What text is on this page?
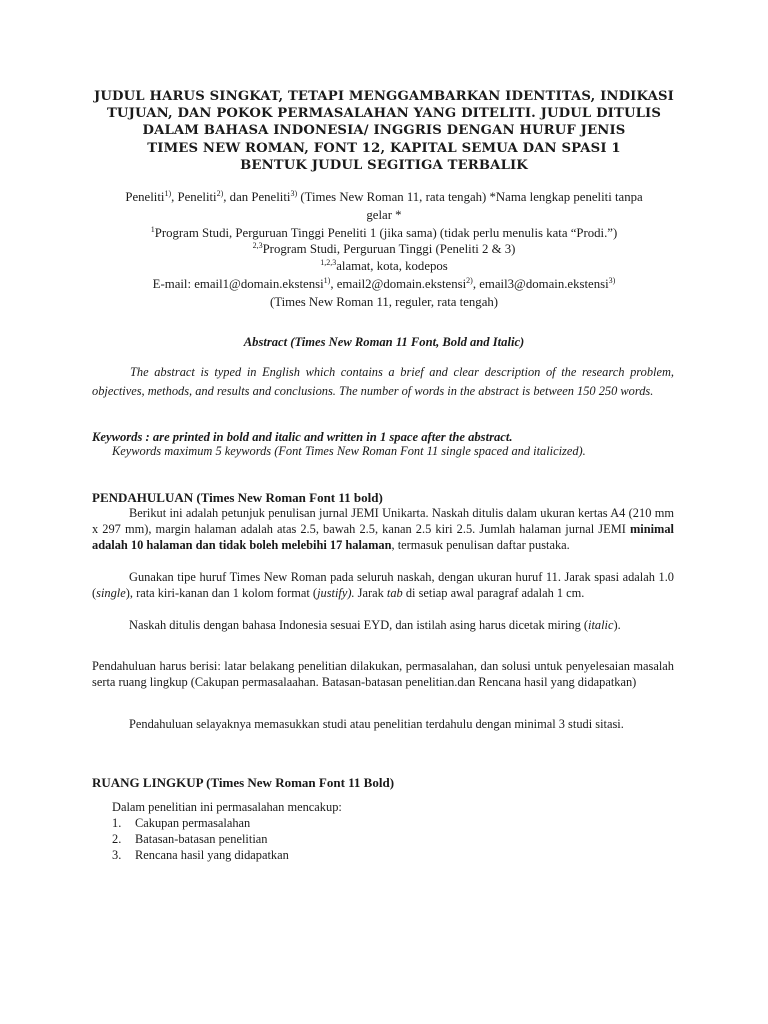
JUDUL HARUS SINGKAT, TETAPI MENGGAMBARKAN IDENTITAS, INDIKASI
TUJUAN, DAN POKOK PERMASALAHAN YANG DITELITI. JUDUL DITULIS
DALAM BAHASA INDONESIA/ INGGRIS DENGAN HURUF JENIS
TIMES NEW ROMAN, FONT 12, KAPITAL SEMUA DAN SPASI 1
BENTUK JUDUL SEGITIGA TERBALIK
Peneliti$^{1)}$, Peneliti$^{2)}$, dan Peneliti$^{3)}$ (Times New Roman 11, rata tengah) *Nama lengkap peneliti tanpa
gelar *
$^1$Program Studi, Perguruan Tinggi Peneliti 1 (jika sama) (tidak perlu menulis kata “Prodi.”)
$^{2,3}$Program Studi, Perguruan Tinggi (Peneliti 2 & 3)
$^{1,2,3}$alamat, kota, kodepos
E-mail: email1@domain.ekstensi$^{1)}$, email2@domain.ekstensi$^{2)}$, email3@domain.ekstensi$^{3)}$
(Times New Roman 11, reguler, rata tengah)
Abstract (Times New Roman 11 Font, Bold and Italic)
The abstract is typed in English which contains a brief and clear description of the research problem, objectives, methods, and results and conclusions. The number of words in the abstract is between 150 250 words.
Keywords : are printed in bold and italic and written in 1 space after the abstract.
Keywords maximum 5 keywords (Font Times New Roman Font 11 single spaced and italicized).
PENDAHULUAN (Times New Roman Font 11 bold)
Berikut ini adalah petunjuk penulisan jurnal JEMI Unikarta. Naskah ditulis dalam ukuran kertas A4 (210 mm x 297 mm), margin halaman adalah atas 2.5, bawah 2.5, kanan 2.5 kiri 2.5. Jumlah halaman jurnal JEMI minimal adalah 10 halaman dan tidak boleh melebihi 17 halaman, termasuk penulisan daftar pustaka.
Gunakan tipe huruf Times New Roman pada seluruh naskah, dengan ukuran huruf 11. Jarak spasi adalah 1.0 (single), rata kiri-kanan dan 1 kolom format (justify). Jarak tab di setiap awal paragraf adalah 1 cm.
Naskah ditulis dengan bahasa Indonesia sesuai EYD, dan istilah asing harus dicetak miring (italic).
Pendahuluan harus berisi: latar belakang penelitian dilakukan, permasalahan, dan solusi untuk penyelesaian masalah serta ruang lingkup (Cakupan permasalaahan. Batasan-batasan penelitian.dan Rencana hasil yang didapatkan)
Pendahuluan selayaknya memasukkan studi atau penelitian terdahulu dengan minimal 3 studi sitasi.
RUANG LINGKUP (Times New Roman Font 11 Bold)
Dalam penelitian ini permasalahan mencakup:
1.	Cakupan permasalahan
2.	Batasan-batasan penelitian
3.	Rencana hasil yang didapatkan
